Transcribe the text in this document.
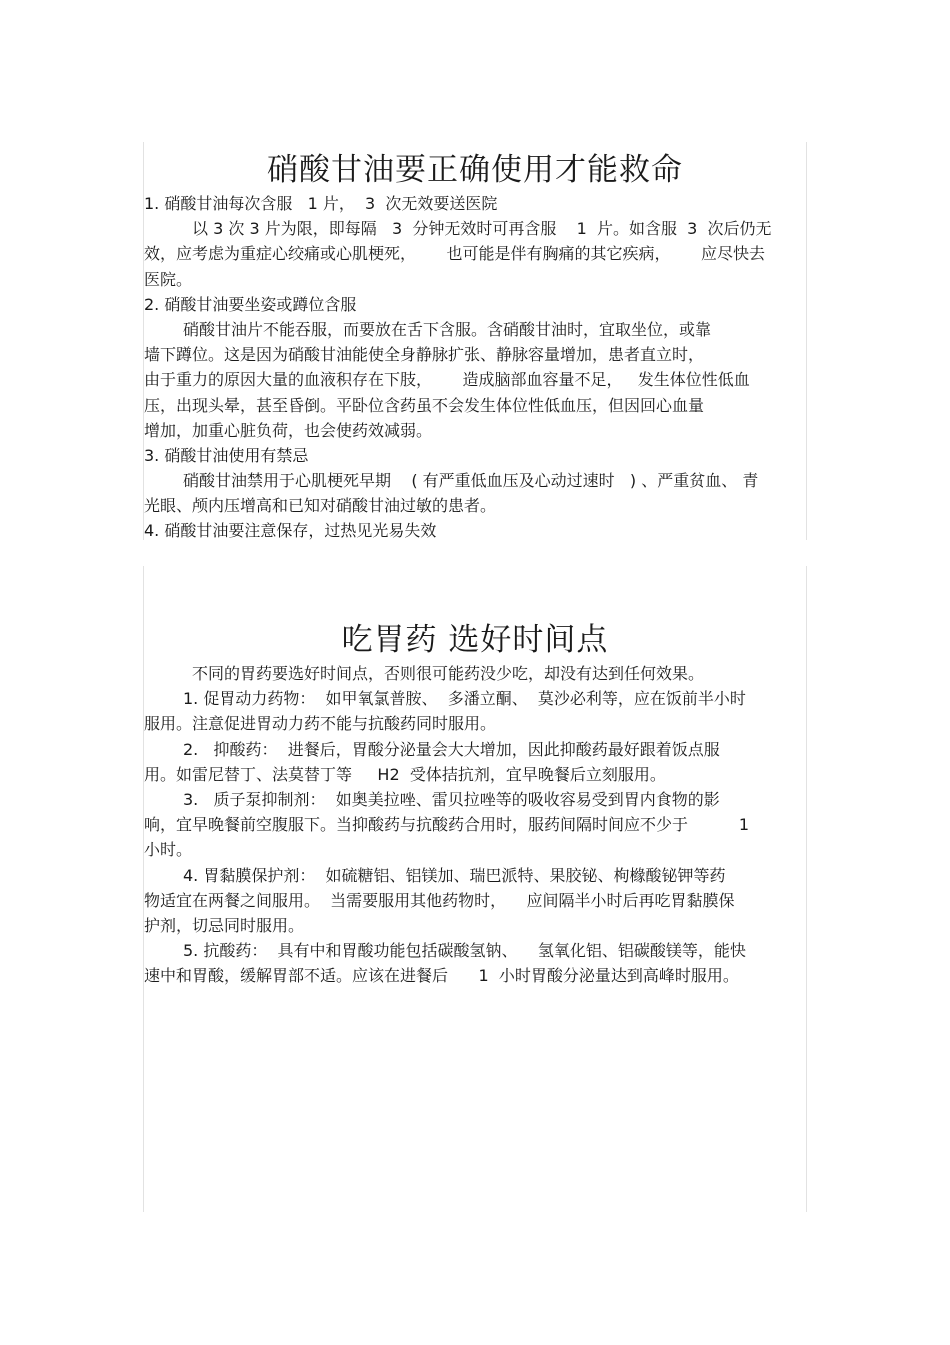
硝酸甘油要正确使用才能救命

1. 硝酸甘油每次含服   1 片，  3  次无效要送医院

以 3 次 3 片为限，即每隔   3  分钟无效时可再含服    1  片。如含服  3  次后仍无

效，应考虑为重症心绞痛或心肌梗死，      也可能是伴有胸痛的其它疾病，      应尽快去

医院。

2. 硝酸甘油要坐姿或蹲位含服

硝酸甘油片不能吞服，而要放在舌下含服。含硝酸甘油时，宜取坐位，或靠

墙下蹲位。这是因为硝酸甘油能使全身静脉扩张、静脉容量增加，患者直立时，

由于重力的原因大量的血液积存在下肢，      造成脑部血容量不足，   发生体位性低血

压，出现头晕，甚至昏倒。平卧位含药虽不会发生体位性低血压，但因回心血量

增加，加重心脏负荷，也会使药效减弱。

3. 硝酸甘油使用有禁忌

硝酸甘油禁用于心肌梗死早期    ( 有严重低血压及心动过速时   ) 、严重贫血、 青

光眼、颅内压增高和已知对硝酸甘油过敏的患者。

4. 硝酸甘油要注意保存，过热见光易失效

吃胃药 选好时间点

不同的胃药要选好时间点，否则很可能药没少吃，却没有达到任何效果。

1. 促胃动力药物：  如甲氧氯普胺、  多潘立酮、  莫沙必利等，应在饭前半小时

服用。注意促进胃动力药不能与抗酸药同时服用。

2.   抑酸药：  进餐后，胃酸分泌量会大大增加，因此抑酸药最好跟着饭点服

用。如雷尼替丁、法莫替丁等     H2  受体拮抗剂，宜早晚餐后立刻服用。

3.   质子泵抑制剂：  如奥美拉唑、雷贝拉唑等的吸收容易受到胃内食物的影

响，宜早晚餐前空腹服下。当抑酸药与抗酸药合用时，服药间隔时间应不少于          1

小时。

4. 胃黏膜保护剂：  如硫糖铝、铝镁加、瑞巴派特、果胶铋、枸橼酸铋钾等药

物适宜在两餐之间服用。  当需要服用其他药物时，    应间隔半小时后再吃胃黏膜保

护剂，切忌同时服用。

5. 抗酸药：  具有中和胃酸功能包括碳酸氢钠、    氢氧化铝、铝碳酸镁等，能快

速中和胃酸，缓解胃部不适。应该在进餐后      1  小时胃酸分泌量达到高峰时服用。
